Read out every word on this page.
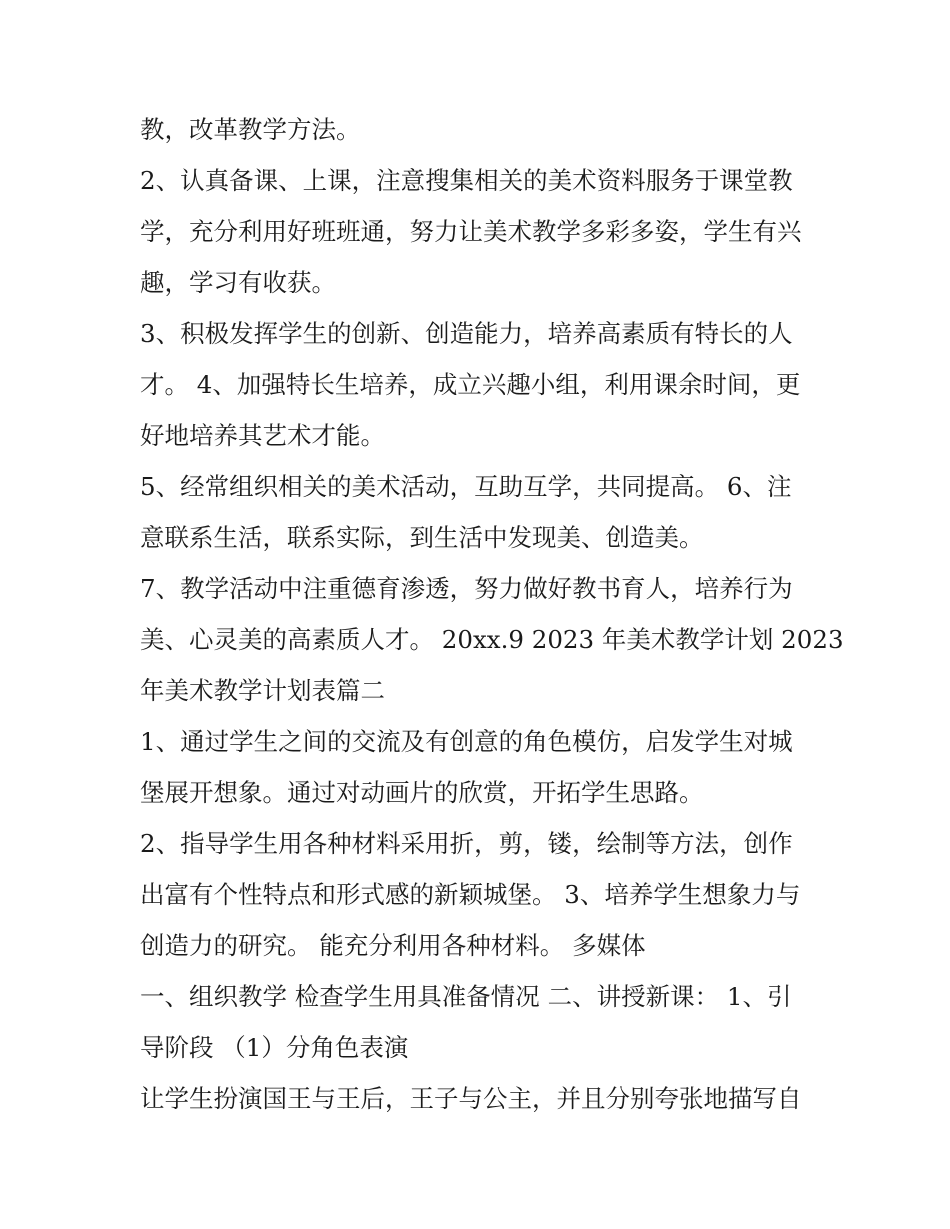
教，改革教学方法。
2、认真备课、上课，注意搜集相关的美术资料服务于课堂教
学，充分利用好班班通，努力让美术教学多彩多姿，学生有兴
趣，学习有收获。
3、积极发挥学生的创新、创造能力，培养高素质有特长的人
才。 4、加强特长生培养，成立兴趣小组，利用课余时间，更
好地培养其艺术才能。
5、经常组织相关的美术活动，互助互学，共同提高。 6、注
意联系生活，联系实际，到生活中发现美、创造美。
7、教学活动中注重德育渗透，努力做好教书育人，培养行为
美、心灵美的高素质人才。 20xx.9 2023 年美术教学计划 2023
年美术教学计划表篇二
1、通过学生之间的交流及有创意的角色模仿，启发学生对城
堡展开想象。通过对动画片的欣赏，开拓学生思路。
2、指导学生用各种材料采用折，剪，镂，绘制等方法，创作
出富有个性特点和形式感的新颖城堡。 3、培养学生想象力与
创造力的研究。 能充分利用各种材料。 多媒体
一、组织教学 检查学生用具准备情况 二、讲授新课： 1、引
导阶段 （1）分角色表演
让学生扮演国王与王后，王子与公主，并且分别夸张地描写自
